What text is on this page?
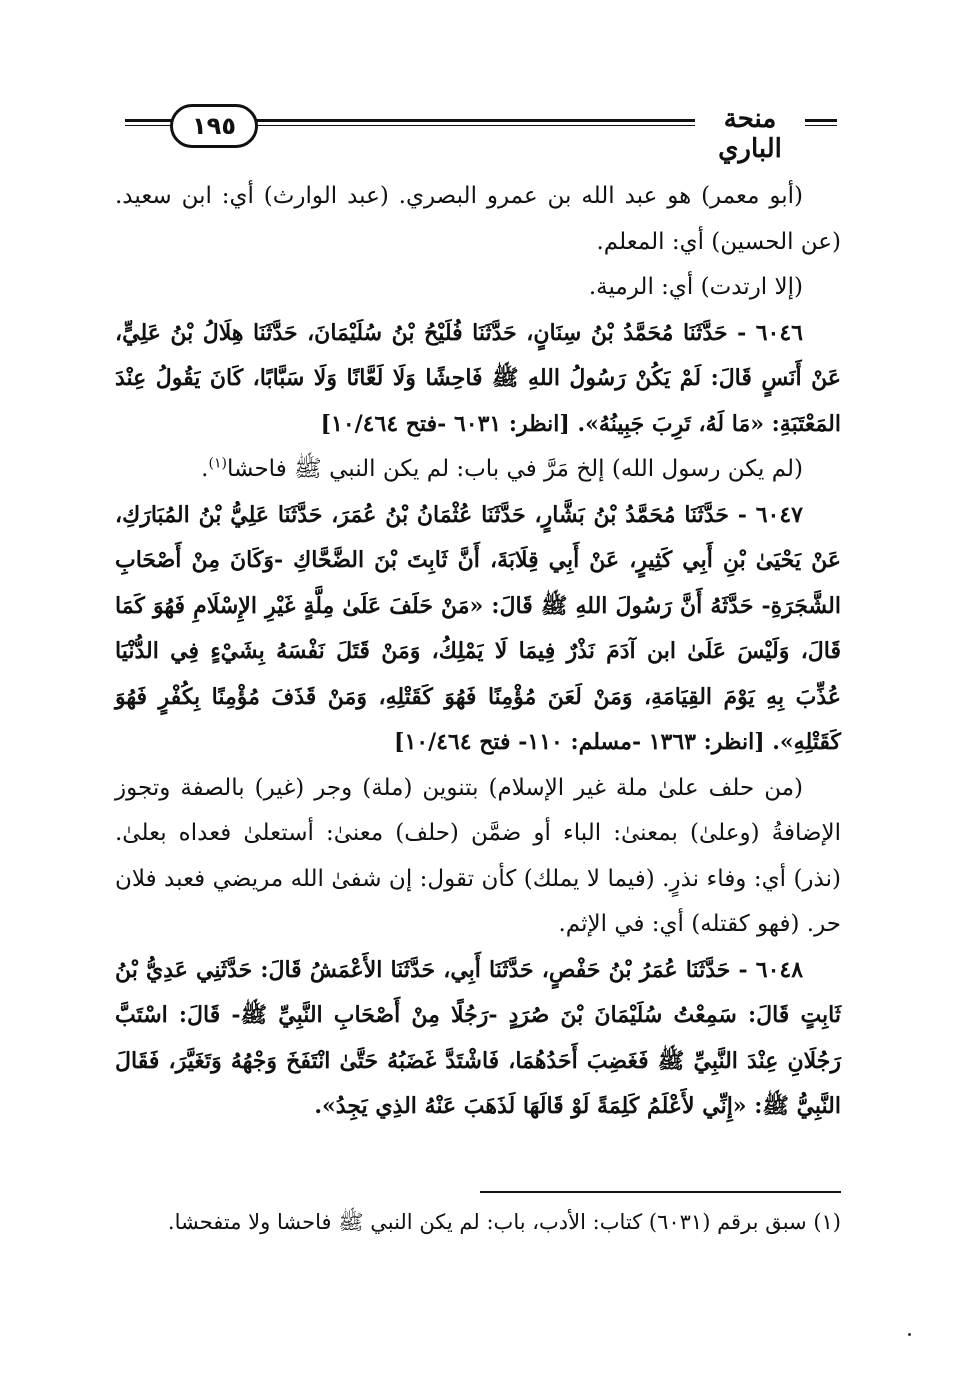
١٩٥	منحة الباري

(أبو معمر) هو عبد الله بن عمرو البصري. (عبد الوارث) أي: ابن سعيد. (عن الحسين) أي: المعلم.

(إلا ارتدت) أي: الرمية.

٦٠٤٦ - حَدَّثَنَا مُحَمَّدُ بْنُ سِنَانٍ، حَدَّثَنَا فُلَيْحُ بْنُ سُلَيْمَانَ، حَدَّثَنَا هِلَالُ بْنُ عَلِيٍّ، عَنْ أَنَسٍ قَالَ: لَمْ يَكُنْ رَسُولُ اللهِ ﷺ فَاحِشًا وَلَا لَعَّانًا وَلَا سَبَّابًا، كَانَ يَقُولُ عِنْدَ المَعْتَبَةِ: «مَا لَهُ، تَرِبَ جَبِينُهُ». [انظر: ٦٠٣١ -فتح ١٠/٤٦٤]

(لم يكن رسول الله) إلخ مَرَّ في باب: لم يكن النبي ﷺ فاحشا$^{(١)}$.

٦٠٤٧ - حَدَّثَنَا مُحَمَّدُ بْنُ بَشَّارٍ، حَدَّثَنَا عُثْمَانُ بْنُ عُمَرَ، حَدَّثَنَا عَلِيُّ بْنُ المُبَارَكِ، عَنْ يَحْيَىٰ بْنِ أَبِي كَثِيرٍ، عَنْ أَبِي قِلَابَةَ، أَنَّ ثَابِتَ بْنَ الضَّحَّاكِ -وَكَانَ مِنْ أَصْحَابِ الشَّجَرَةِ- حَدَّثَهُ أَنَّ رَسُولَ اللهِ ﷺ قَالَ: «مَنْ حَلَفَ عَلَىٰ مِلَّةٍ غَيْرِ الإِسْلَامِ فَهُوَ كَمَا قَالَ، وَلَيْسَ عَلَىٰ ابن آدَمَ نَذْرٌ فِيمَا لَا يَمْلِكُ، وَمَنْ قَتَلَ نَفْسَهُ بِشَيْءٍ فِي الدُّنْيَا عُذِّبَ بِهِ يَوْمَ القِيَامَةِ، وَمَنْ لَعَنَ مُؤْمِنًا فَهُوَ كَقَتْلِهِ، وَمَنْ قَذَفَ مُؤْمِنًا بِكُفْرٍ فَهُوَ كَقَتْلِهِ». [انظر: ١٣٦٣ -مسلم: ١١٠- فتح ١٠/٤٦٤]

(من حلف علىٰ ملة غير الإسلام) بتنوين (ملة) وجر (غير) بالصفة وتجوز الإضافةُ (وعلىٰ) بمعنىٰ: الباء أو ضمَّن (حلف) معنىٰ: أستعلىٰ فعداه بعلىٰ. (نذر) أي: وفاء نذرٍ. (فيما لا يملك) كأن تقول: إن شفىٰ الله مريضي فعبد فلان حر. (فهو كقتله) أي: في الإثم.

٦٠٤٨ - حَدَّثَنَا عُمَرُ بْنُ حَفْصٍ، حَدَّثَنَا أَبِي، حَدَّثَنَا الأَعْمَشُ قَالَ: حَدَّثَنِي عَدِيُّ بْنُ ثَابِتٍ قَالَ: سَمِعْتُ سُلَيْمَانَ بْنَ صُرَدٍ -رَجُلًا مِنْ أَصْحَابِ النَّبِيِّ ﷺ- قَالَ: اسْتَبَّ رَجُلَانِ عِنْدَ النَّبِيِّ ﷺ فَغَضِبَ أَحَدُهُمَا، فَاشْتَدَّ غَضَبُهُ حَتَّىٰ انْتَفَخَ وَجْهُهُ وَتَغَيَّرَ، فَقَالَ النَّبِيُّ ﷺ: «إِنِّي لأَعْلَمُ كَلِمَةً لَوْ قَالَهَا لَذَهَبَ عَنْهُ الذِي يَجِدُ».

(١) سبق برقم (٦٠٣١) كتاب: الأدب، باب: لم يكن النبي ﷺ فاحشا ولا متفحشا.
